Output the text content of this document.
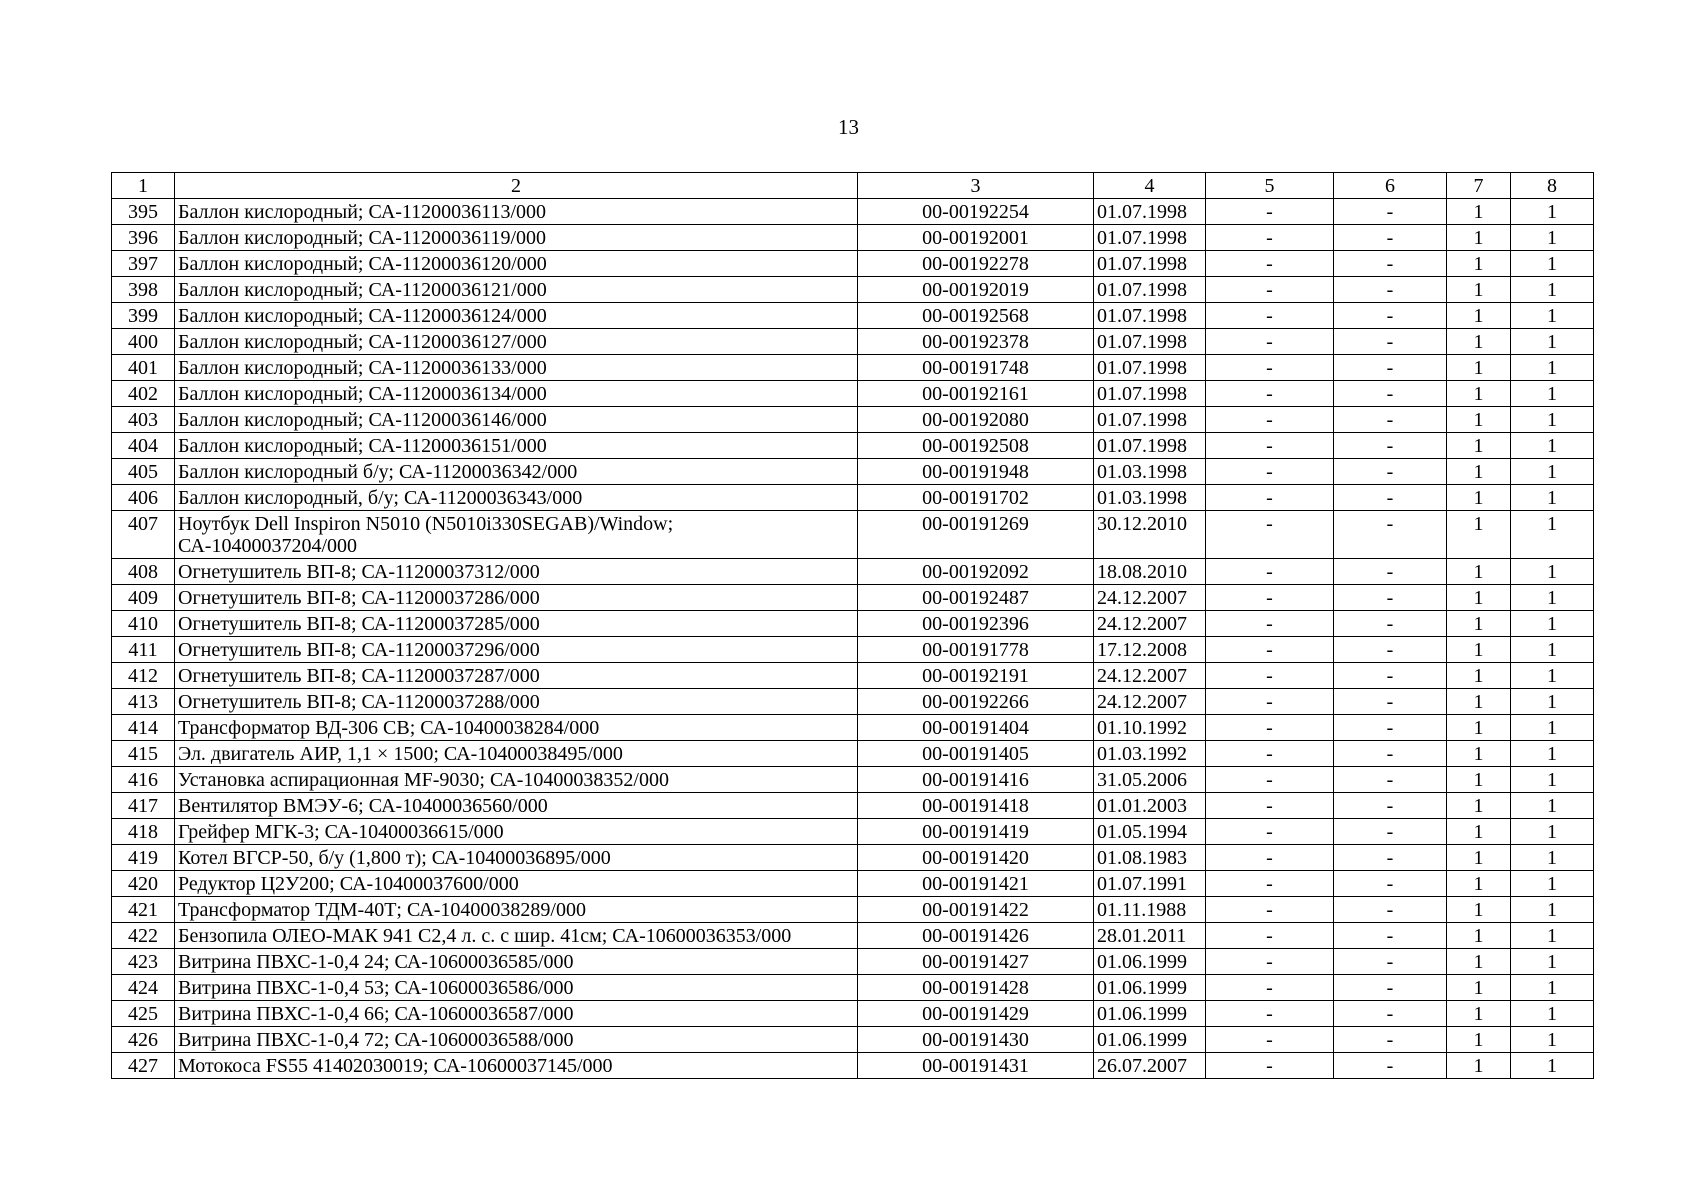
13
1	2	3	4	5	6	7	8
395	Баллон кислородный; СА-11200036113/000	00-00192254	01.07.1998	-	-	1	1
396	Баллон кислородный; СА-11200036119/000	00-00192001	01.07.1998	-	-	1	1
397	Баллон кислородный; СА-11200036120/000	00-00192278	01.07.1998	-	-	1	1
398	Баллон кислородный; СА-11200036121/000	00-00192019	01.07.1998	-	-	1	1
399	Баллон кислородный; СА-11200036124/000	00-00192568	01.07.1998	-	-	1	1
400	Баллон кислородный; СА-11200036127/000	00-00192378	01.07.1998	-	-	1	1
401	Баллон кислородный; СА-11200036133/000	00-00191748	01.07.1998	-	-	1	1
402	Баллон кислородный; СА-11200036134/000	00-00192161	01.07.1998	-	-	1	1
403	Баллон кислородный; СА-11200036146/000	00-00192080	01.07.1998	-	-	1	1
404	Баллон кислородный; СА-11200036151/000	00-00192508	01.07.1998	-	-	1	1
405	Баллон кислородный б/у; СА-11200036342/000	00-00191948	01.03.1998	-	-	1	1
406	Баллон кислородный, б/у; СА-11200036343/000	00-00191702	01.03.1998	-	-	1	1
407	Ноутбук Dell Inspiron N5010 (N5010i330SEGAB)/Window; СА-10400037204/000	00-00191269	30.12.2010	-	-	1	1
408	Огнетушитель ВП-8; СА-11200037312/000	00-00192092	18.08.2010	-	-	1	1
409	Огнетушитель ВП-8; СА-11200037286/000	00-00192487	24.12.2007	-	-	1	1
410	Огнетушитель ВП-8; СА-11200037285/000	00-00192396	24.12.2007	-	-	1	1
411	Огнетушитель ВП-8; СА-11200037296/000	00-00191778	17.12.2008	-	-	1	1
412	Огнетушитель ВП-8; СА-11200037287/000	00-00192191	24.12.2007	-	-	1	1
413	Огнетушитель ВП-8; СА-11200037288/000	00-00192266	24.12.2007	-	-	1	1
414	Трансформатор ВД-306 СВ; СА-10400038284/000	00-00191404	01.10.1992	-	-	1	1
415	Эл. двигатель АИР, 1,1 × 1500; СА-10400038495/000	00-00191405	01.03.1992	-	-	1	1
416	Установка аспирационная MF-9030; СА-10400038352/000	00-00191416	31.05.2006	-	-	1	1
417	Вентилятор ВМЭУ-6; СА-10400036560/000	00-00191418	01.01.2003	-	-	1	1
418	Грейфер МГК-3; СА-10400036615/000	00-00191419	01.05.1994	-	-	1	1
419	Котел ВГСР-50, б/у (1,800 т); СА-10400036895/000	00-00191420	01.08.1983	-	-	1	1
420	Редуктор Ц2У200; СА-10400037600/000	00-00191421	01.07.1991	-	-	1	1
421	Трансформатор ТДМ-40Т; СА-10400038289/000	00-00191422	01.11.1988	-	-	1	1
422	Бензопила ОЛЕО-МАК 941 С2,4 л. с. с шир. 41см; СА-10600036353/000	00-00191426	28.01.2011	-	-	1	1
423	Витрина ПВХС-1-0,4 24; СА-10600036585/000	00-00191427	01.06.1999	-	-	1	1
424	Витрина ПВХС-1-0,4 53; СА-10600036586/000	00-00191428	01.06.1999	-	-	1	1
425	Витрина ПВХС-1-0,4 66; СА-10600036587/000	00-00191429	01.06.1999	-	-	1	1
426	Витрина ПВХС-1-0,4 72; СА-10600036588/000	00-00191430	01.06.1999	-	-	1	1
427	Мотокоса FS55 41402030019; СА-10600037145/000	00-00191431	26.07.2007	-	-	1	1
